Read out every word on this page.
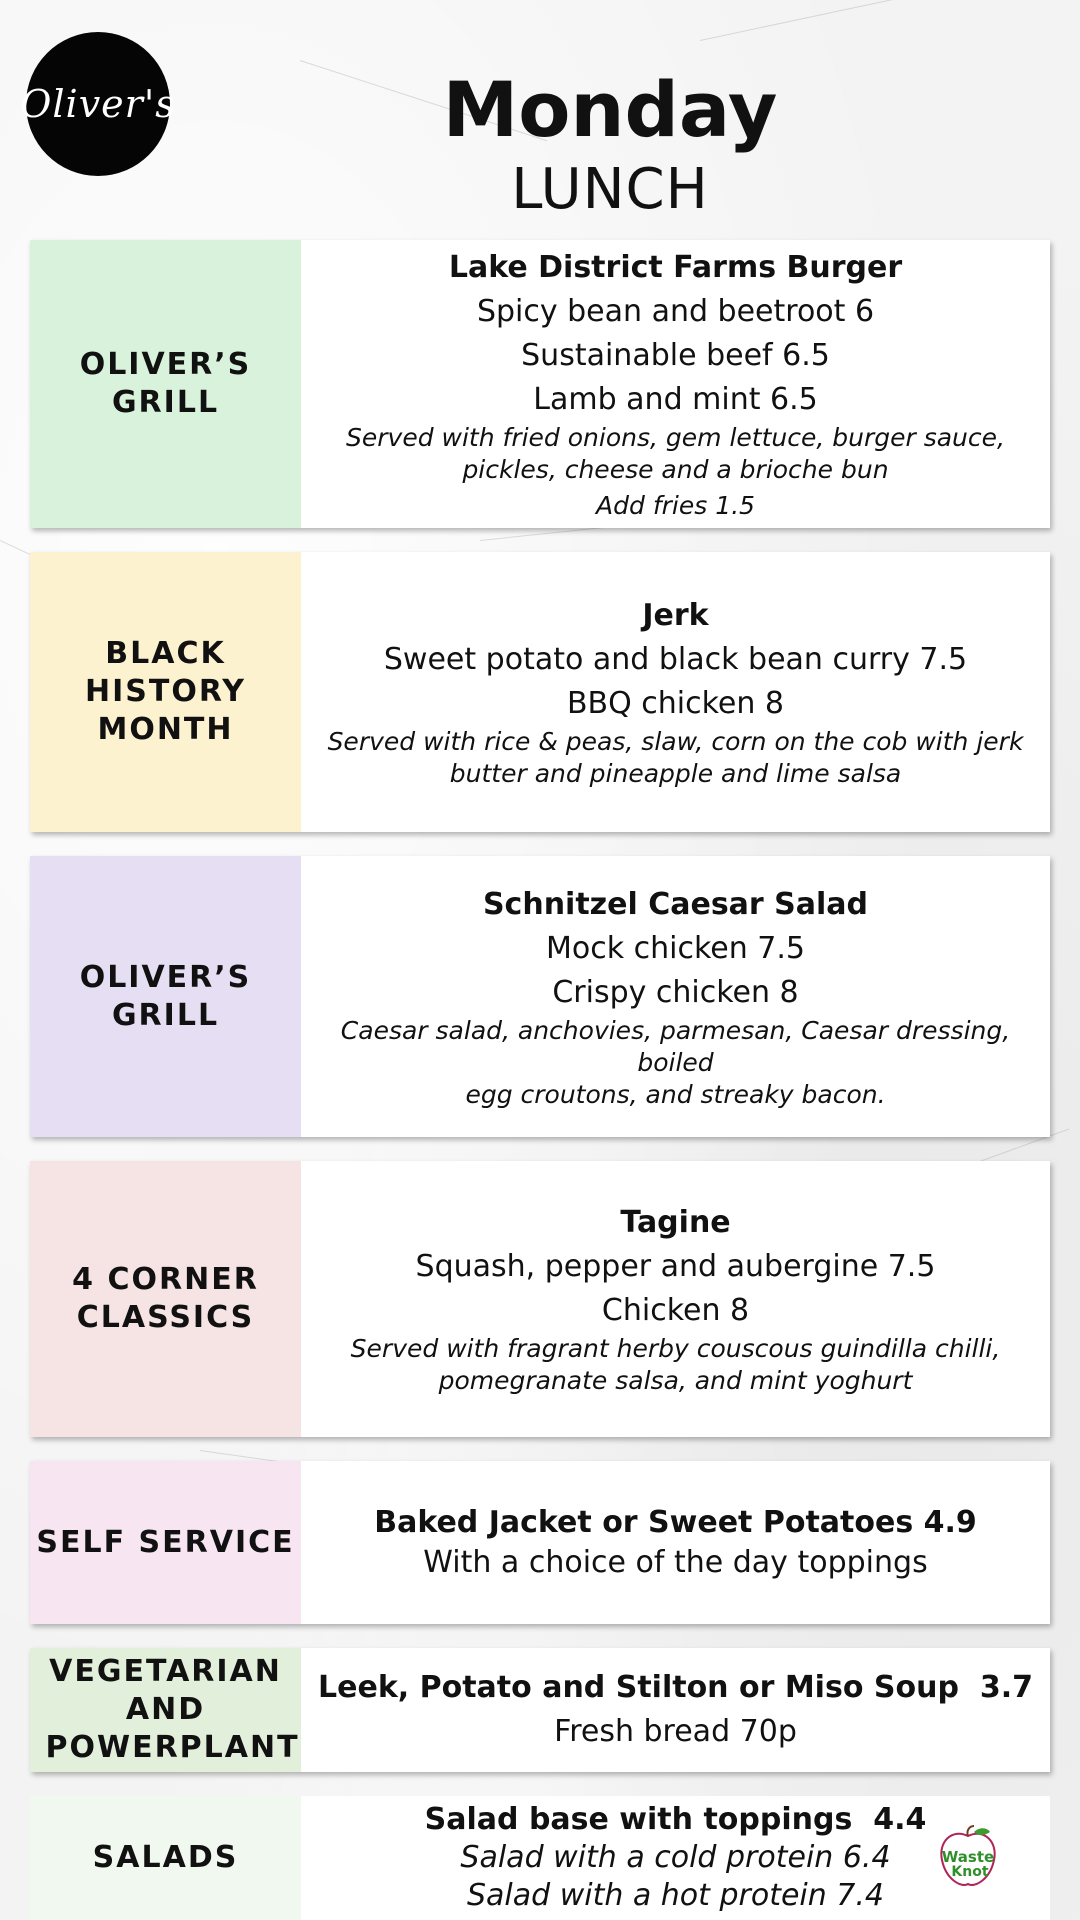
Oliver's	Monday
LUNCH
OLIVER’S GRILL
Lake District Farms Burger
Spicy bean and beetroot 6
Sustainable beef 6.5
Lamb and mint 6.5
Served with fried onions, gem lettuce, burger sauce,
pickles, cheese and a brioche bun
Add fries 1.5
BLACK HISTORY MONTH
Jerk
Sweet potato and black bean curry 7.5
BBQ chicken 8
Served with rice & peas, slaw, corn on the cob with jerk
butter and pineapple and lime salsa
OLIVER’S GRILL
Schnitzel Caesar Salad
Mock chicken 7.5
Crispy chicken 8
Caesar salad, anchovies, parmesan, Caesar dressing, boiled
egg croutons, and streaky bacon.
4 CORNER CLASSICS
Tagine
Squash, pepper and aubergine 7.5
Chicken 8
Served with fragrant herby couscous guindilla chilli,
pomegranate salsa, and mint yoghurt
SELF SERVICE
Baked Jacket or Sweet Potatoes 4.9
With a choice of the day toppings
VEGETARIAN AND POWERPLANT
Leek, Potato and Stilton or Miso Soup  3.7
Fresh bread 70p
SALADS
Salad base with toppings  4.4
Salad with a cold protein 6.4
Salad with a hot protein 7.4
Waste
Knot
